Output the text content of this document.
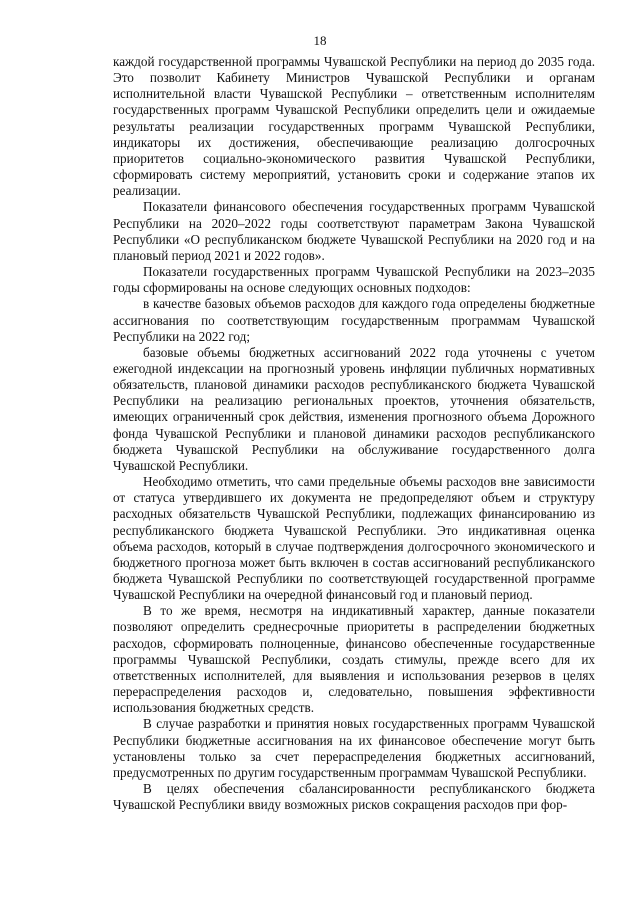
18

каждой государственной программы Чувашской Республики на период до 2035 года. Это позволит Кабинету Министров Чувашской Республики и органам исполнительной власти Чувашской Республики – ответственным исполнителям государственных программ Чувашской Республики определить цели и ожидаемые результаты реализации государственных программ Чувашской Республики, индикаторы их достижения, обеспечивающие реализацию долгосрочных приоритетов социально-экономического развития Чувашской Республики, сформировать систему мероприятий, установить сроки и содержание этапов их реализации.

Показатели финансового обеспечения государственных программ Чувашской Республики на 2020–2022 годы соответствуют параметрам Закона Чувашской Республики «О республиканском бюджете Чувашской Республики на 2020 год и на плановый период 2021 и 2022 годов».

Показатели государственных программ Чувашской Республики на 2023–2035 годы сформированы на основе следующих основных подходов:

в качестве базовых объемов расходов для каждого года определены бюджетные ассигнования по соответствующим государственным программам Чувашской Республики на 2022 год;

базовые объемы бюджетных ассигнований 2022 года уточнены с учетом ежегодной индексации на прогнозный уровень инфляции публичных нормативных обязательств, плановой динамики расходов республиканского бюджета Чувашской Республики на реализацию региональных проектов, уточнения обязательств, имеющих ограниченный срок действия, изменения прогнозного объема Дорожного фонда Чувашской Республики и плановой динамики расходов республиканского бюджета Чувашской Республики на обслуживание государственного долга Чувашской Республики.

Необходимо отметить, что сами предельные объемы расходов вне зависимости от статуса утвердившего их документа не предопределяют объем и структуру расходных обязательств Чувашской Республики, подлежащих финансированию из республиканского бюджета Чувашской Республики. Это индикативная оценка объема расходов, который в случае подтверждения долгосрочного экономического и бюджетного прогноза может быть включен в состав ассигнований республиканского бюджета Чувашской Республики по соответствующей государственной программе Чувашской Республики на очередной финансовый год и плановый период.

В то же время, несмотря на индикативный характер, данные показатели позволяют определить среднесрочные приоритеты в распределении бюджетных расходов, сформировать полноценные, финансово обеспеченные государственные программы Чувашской Республики, создать стимулы, прежде всего для их ответственных исполнителей, для выявления и использования резервов в целях перераспределения расходов и, следовательно, повышения эффективности использования бюджетных средств.

В случае разработки и принятия новых государственных программ Чувашской Республики бюджетные ассигнования на их финансовое обеспечение могут быть установлены только за счет перераспределения бюджетных ассигнований, предусмотренных по другим государственным программам Чувашской Республики.

В целях обеспечения сбалансированности республиканского бюджета Чувашской Республики ввиду возможных рисков сокращения расходов при фор-
